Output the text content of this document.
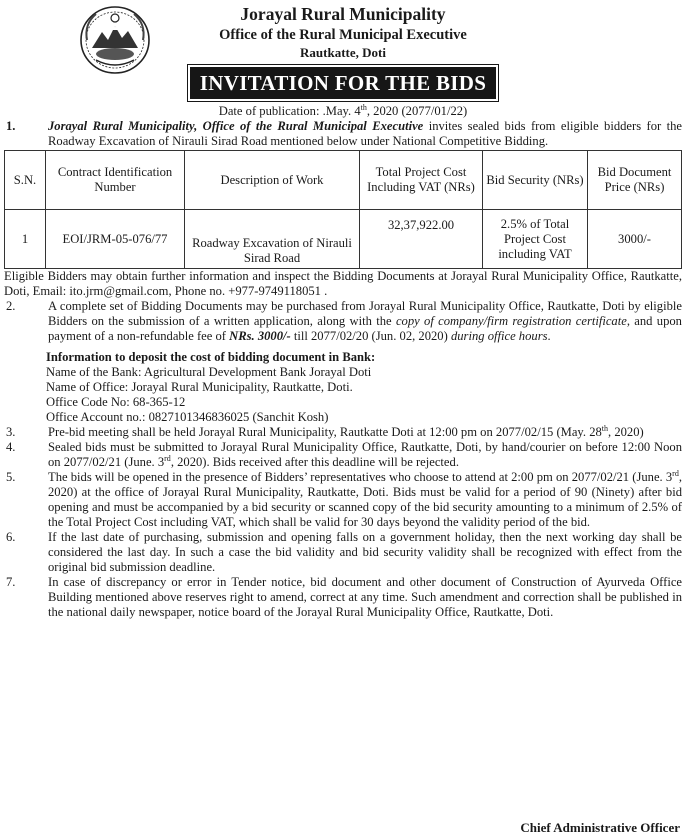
Jorayal Rural Municipality
Office of the Rural Municipal Executive
Rautkatte, Doti
INVITATION FOR THE BIDS
Date of publication: .May. 4th, 2020 (2077/01/22)
1.	Jorayal Rural Municipality, Office of the Rural Municipal Executive invites sealed bids from eligible bidders for the Roadway Excavation of Nirauli Sirad Road mentioned below under National Competitive Bidding.
S.N.	Contract Identification Number	Description of Work	Total Project Cost Including VAT (NRs)	Bid Security (NRs)	Bid Document Price (NRs)
1	EOI/JRM-05-076/77	Roadway Excavation of Nirauli Sirad Road	32,37,922.00	2.5% of Total Project Cost including VAT	3000/-
Eligible Bidders may obtain further information and inspect the Bidding Documents at Jorayal Rural Municipality Office, Rautkatte, Doti, Email: ito.jrm@gmail.com, Phone no. +977-9749118051 .
2.	A complete set of Bidding Documents may be purchased from Jorayal Rural Municipality Office, Rautkatte, Doti by eligible Bidders on the submission of a written application, along with the copy of company/firm registration certificate, and upon payment of a non-refundable fee of NRs. 3000/- till 2077/02/20 (Jun. 02, 2020) during office hours.
Information to deposit the cost of bidding document in Bank:
Name of the Bank: Agricultural Development Bank Jorayal Doti
Name of Office: Jorayal Rural Municipality, Rautkatte, Doti.
Office Code No: 68-365-12
Office Account no.: 0827101346836025 (Sanchit Kosh)
3.	Pre-bid meeting shall be held Jorayal Rural Municipality, Rautkatte Doti at 12:00 pm on 2077/02/15 (May. 28th, 2020)
4.	Sealed bids must be submitted to Jorayal Rural Municipality Office, Rautkatte, Doti, by hand/courier on before 12:00 Noon on 2077/02/21 (June. 3rd, 2020). Bids received after this deadline will be rejected.
5.	The bids will be opened in the presence of Bidders’ representatives who choose to attend at 2:00 pm on 2077/02/21 (June. 3rd, 2020) at the office of Jorayal Rural Municipality, Rautkatte, Doti. Bids must be valid for a period of 90 (Ninety) after bid opening and must be accompanied by a bid security or scanned copy of the bid security amounting to a minimum of 2.5% of the Total Project Cost including VAT, which shall be valid for 30 days beyond the validity period of the bid.
6.	If the last date of purchasing, submission and opening falls on a government holiday, then the next working day shall be considered the last day. In such a case the bid validity and bid security validity shall be recognized with effect from the original bid submission deadline.
7.	In case of discrepancy or error in Tender notice, bid document and other document of Construction of Ayurveda Office Building mentioned above reserves right to amend, correct at any time. Such amendment and correction shall be published in the national daily newspaper, notice board of the Jorayal Rural Municipality Office, Rautkatte, Doti.
Chief Administrative Officer
